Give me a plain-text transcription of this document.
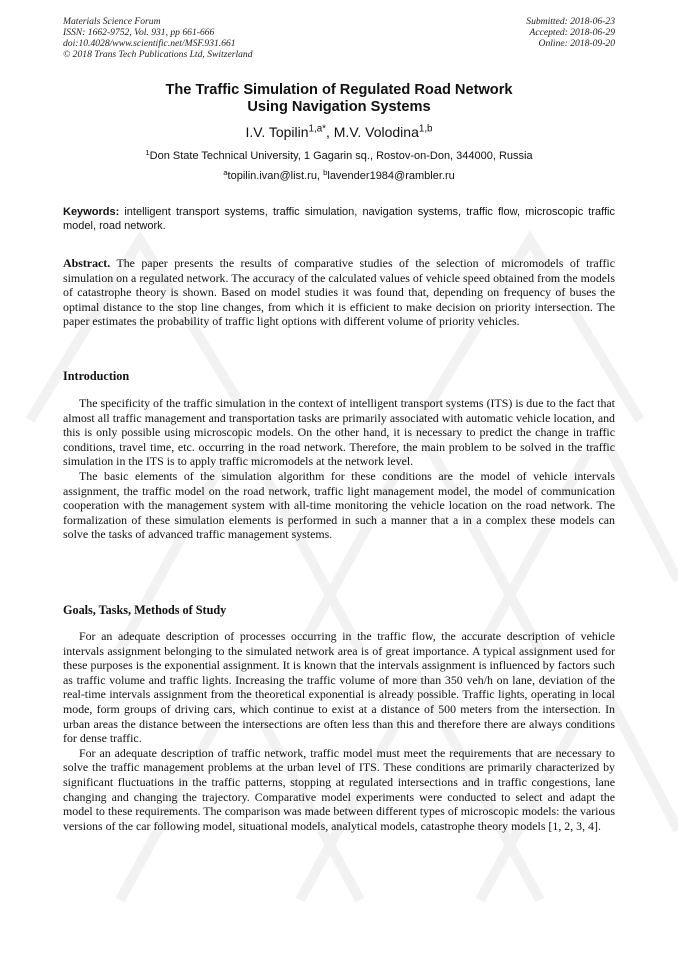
Materials Science Forum
ISSN: 1662-9752, Vol. 931, pp 661-666
doi:10.4028/www.scientific.net/MSF.931.661
© 2018 Trans Tech Publications Ltd, Switzerland
Submitted: 2018-06-23
Accepted: 2018-06-29
Online: 2018-09-20
The Traffic Simulation of Regulated Road Network
Using Navigation Systems
I.V. Topilin$^{1,a*}$, M.V. Volodina$^{1,b}$
$^1$Don State Technical University, 1 Gagarin sq., Rostov-on-Don, 344000, Russia
$^a$topilin.ivan@list.ru, $^b$lavender1984@rambler.ru
Keywords: intelligent transport systems, traffic simulation, navigation systems, traffic flow, microscopic traffic model, road network.
Abstract. The paper presents the results of comparative studies of the selection of micromodels of traffic simulation on a regulated network. The accuracy of the calculated values of vehicle speed obtained from the models of catastrophe theory is shown. Based on model studies it was found that, depending on frequency of buses the optimal distance to the stop line changes, from which it is efficient to make decision on priority intersection. The paper estimates the probability of traffic light options with different volume of priority vehicles.
Introduction

The specificity of the traffic simulation in the context of intelligent transport systems (ITS) is due to the fact that almost all traffic management and transportation tasks are primarily associated with automatic vehicle location, and this is only possible using microscopic models. On the other hand, it is necessary to predict the change in traffic conditions, travel time, etc. occurring in the road network. Therefore, the main problem to be solved in the traffic simulation in the ITS is to apply traffic micromodels at the network level.

The basic elements of the simulation algorithm for these conditions are the model of vehicle intervals assignment, the traffic model on the road network, traffic light management model, the model of communication cooperation with the management system with all-time monitoring the vehicle location on the road network. The formalization of these simulation elements is performed in such a manner that a in a complex these models can solve the tasks of advanced traffic management systems.

Goals, Tasks, Methods of Study

For an adequate description of processes occurring in the traffic flow, the accurate description of vehicle intervals assignment belonging to the simulated network area is of great importance. A typical assignment used for these purposes is the exponential assignment. It is known that the intervals assignment is influenced by factors such as traffic volume and traffic lights. Increasing the traffic volume of more than 350 veh/h on lane, deviation of the real-time intervals assignment from the theoretical exponential is already possible. Traffic lights, operating in local mode, form groups of driving cars, which continue to exist at a distance of 500 meters from the intersection. In urban areas the distance between the intersections are often less than this and therefore there are always conditions for dense traffic.

For an adequate description of traffic network, traffic model must meet the requirements that are necessary to solve the traffic management problems at the urban level of ITS. These conditions are primarily characterized by significant fluctuations in the traffic patterns, stopping at regulated intersections and in traffic congestions, lane changing and changing the trajectory. Comparative model experiments were conducted to select and adapt the model to these requirements. The comparison was made between different types of microscopic models: the various versions of the car following model, situational models, analytical models, catastrophe theory models [1, 2, 3, 4].
